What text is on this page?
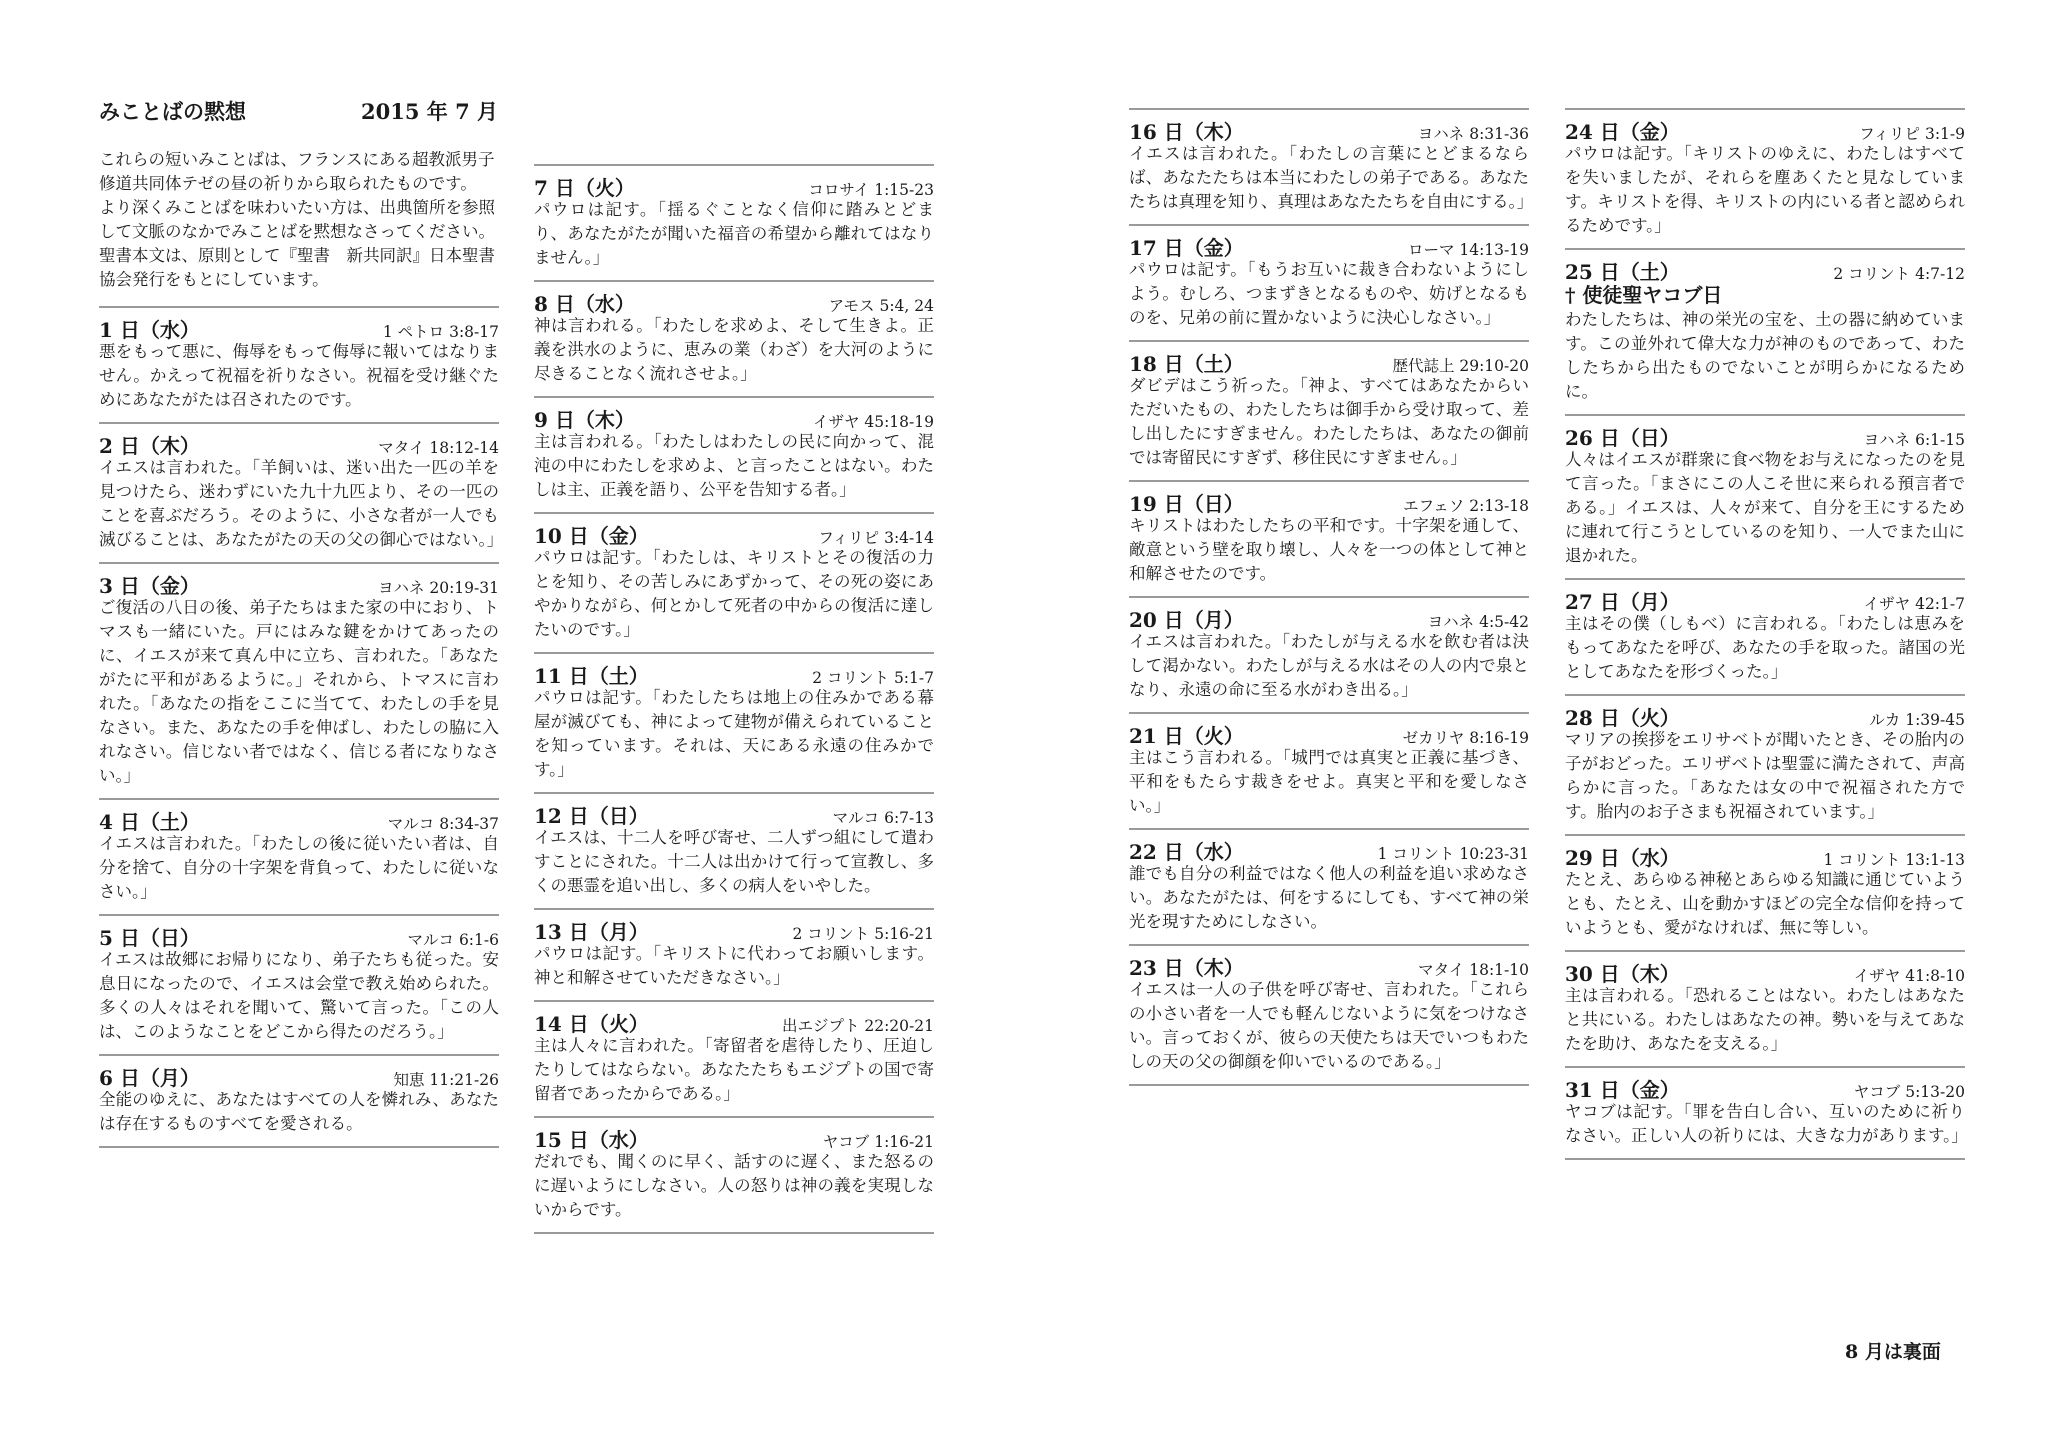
みことばの黙想	2015 年 7 月

これらの短いみことばは、フランスにある超教派男子修道共同体テゼの昼の祈りから取られたものです。

より深くみことばを味わいたい方は、出典箇所を参照して文脈のなかでみことばを黙想なさってください。

聖書本文は、原則として『聖書　新共同訳』日本聖書協会発行をもとにしています。

1 日（水）	1 ペトロ 3:8-17
悪をもって悪に、侮辱をもって侮辱に報いてはなりません。かえって祝福を祈りなさい。祝福を受け継ぐためにあなたがたは召されたのです。
2 日（木）	マタイ 18:12-14
イエスは言われた。「羊飼いは、迷い出た一匹の羊を見つけたら、迷わずにいた九十九匹より、その一匹のことを喜ぶだろう。そのように、小さな者が一人でも滅びることは、あなたがたの天の父の御心ではない。」
3 日（金）	ヨハネ 20:19-31
ご復活の八日の後、弟子たちはまた家の中におり、トマスも一緒にいた。戸にはみな鍵をかけてあったのに、イエスが来て真ん中に立ち、言われた。「あなたがたに平和があるように。」それから、トマスに言われた。「あなたの指をここに当てて、わたしの手を見なさい。また、あなたの手を伸ばし、わたしの脇に入れなさい。信じない者ではなく、信じる者になりなさい。」
4 日（土）	マルコ 8:34-37
イエスは言われた。「わたしの後に従いたい者は、自分を捨て、自分の十字架を背負って、わたしに従いなさい。」
5 日（日）	マルコ 6:1-6
イエスは故郷にお帰りになり、弟子たちも従った。安息日になったので、イエスは会堂で教え始められた。多くの人々はそれを聞いて、驚いて言った。「この人は、このようなことをどこから得たのだろう。」
6 日（月）	知恵 11:21-26
全能のゆえに、あなたはすべての人を憐れみ、あなたは存在するものすべてを愛される。
7 日（火）	コロサイ 1:15-23
パウロは記す。「揺るぐことなく信仰に踏みとどまり、あなたがたが聞いた福音の希望から離れてはなりません。」
8 日（水）	アモス 5:4, 24
神は言われる。「わたしを求めよ、そして生きよ。正義を洪水のように、恵みの業（わざ）を大河のように尽きることなく流れさせよ。」
9 日（木）	イザヤ 45:18-19
主は言われる。「わたしはわたしの民に向かって、混沌の中にわたしを求めよ、と言ったことはない。わたしは主、正義を語り、公平を告知する者。」
10 日（金）	フィリピ 3:4-14
パウロは記す。「わたしは、キリストとその復活の力とを知り、その苦しみにあずかって、その死の姿にあやかりながら、何とかして死者の中からの復活に達したいのです。」
11 日（土）	2 コリント 5:1-7
パウロは記す。「わたしたちは地上の住みかである幕屋が滅びても、神によって建物が備えられていることを知っています。それは、天にある永遠の住みかです。」
12 日（日）	マルコ 6:7-13
イエスは、十二人を呼び寄せ、二人ずつ組にして遣わすことにされた。十二人は出かけて行って宣教し、多くの悪霊を追い出し、多くの病人をいやした。
13 日（月）	2 コリント 5:16-21
パウロは記す。「キリストに代わってお願いします。神と和解させていただきなさい。」
14 日（火）	出エジプト 22:20-21
主は人々に言われた。「寄留者を虐待したり、圧迫したりしてはならない。あなたたちもエジプトの国で寄留者であったからである。」
15 日（水）	ヤコブ 1:16-21
だれでも、聞くのに早く、話すのに遅く、また怒るのに遅いようにしなさい。人の怒りは神の義を実現しないからです。
16 日（木）	ヨハネ 8:31-36
イエスは言われた。「わたしの言葉にとどまるならば、あなたたちは本当にわたしの弟子である。あなたたちは真理を知り、真理はあなたたちを自由にする。」
17 日（金）	ローマ 14:13-19
パウロは記す。「もうお互いに裁き合わないようにしよう。むしろ、つまずきとなるものや、妨げとなるものを、兄弟の前に置かないように決心しなさい。」
18 日（土）	歴代誌上 29:10-20
ダビデはこう祈った。「神よ、すべてはあなたからいただいたもの、わたしたちは御手から受け取って、差し出したにすぎません。わたしたちは、あなたの御前では寄留民にすぎず、移住民にすぎません。」
19 日（日）	エフェソ 2:13-18
キリストはわたしたちの平和です。十字架を通して、敵意という壁を取り壊し、人々を一つの体として神と和解させたのです。
20 日（月）	ヨハネ 4:5-42
イエスは言われた。「わたしが与える水を飲む者は決して渇かない。わたしが与える水はその人の内で泉となり、永遠の命に至る水がわき出る。」
21 日（火）	ゼカリヤ 8:16-19
主はこう言われる。「城門では真実と正義に基づき、平和をもたらす裁きをせよ。真実と平和を愛しなさい。」
22 日（水）	1 コリント 10:23-31
誰でも自分の利益ではなく他人の利益を追い求めなさい。あなたがたは、何をするにしても、すべて神の栄光を現すためにしなさい。
23 日（木）	マタイ 18:1-10
イエスは一人の子供を呼び寄せ、言われた。「これらの小さい者を一人でも軽んじないように気をつけなさい。言っておくが、彼らの天使たちは天でいつもわたしの天の父の御顔を仰いでいるのである。」
24 日（金）	フィリピ 3:1-9
パウロは記す。「キリストのゆえに、わたしはすべてを失いましたが、それらを塵あくたと見なしています。キリストを得、キリストの内にいる者と認められるためです。」
25 日（土）	2 コリント 4:7-12
† 使徒聖ヤコブ日
わたしたちは、神の栄光の宝を、土の器に納めています。この並外れて偉大な力が神のものであって、わたしたちから出たものでないことが明らかになるために。
26 日（日）	ヨハネ 6:1-15
人々はイエスが群衆に食べ物をお与えになったのを見て言った。「まさにこの人こそ世に来られる預言者である。」イエスは、人々が来て、自分を王にするために連れて行こうとしているのを知り、一人でまた山に退かれた。
27 日（月）	イザヤ 42:1-7
主はその僕（しもべ）に言われる。「わたしは恵みをもってあなたを呼び、あなたの手を取った。諸国の光としてあなたを形づくった。」
28 日（火）	ルカ 1:39-45
マリアの挨拶をエリサベトが聞いたとき、その胎内の子がおどった。エリザベトは聖霊に満たされて、声高らかに言った。「あなたは女の中で祝福された方です。胎内のお子さまも祝福されています。」
29 日（水）	1 コリント 13:1-13
たとえ、あらゆる神秘とあらゆる知識に通じていようとも、たとえ、山を動かすほどの完全な信仰を持っていようとも、愛がなければ、無に等しい。
30 日（木）	イザヤ 41:8-10
主は言われる。「恐れることはない。わたしはあなたと共にいる。わたしはあなたの神。勢いを与えてあなたを助け、あなたを支える。」
31 日（金）	ヤコブ 5:13-20
ヤコブは記す。「罪を告白し合い、互いのために祈りなさい。正しい人の祈りには、大きな力があります。」
8 月は裏面
